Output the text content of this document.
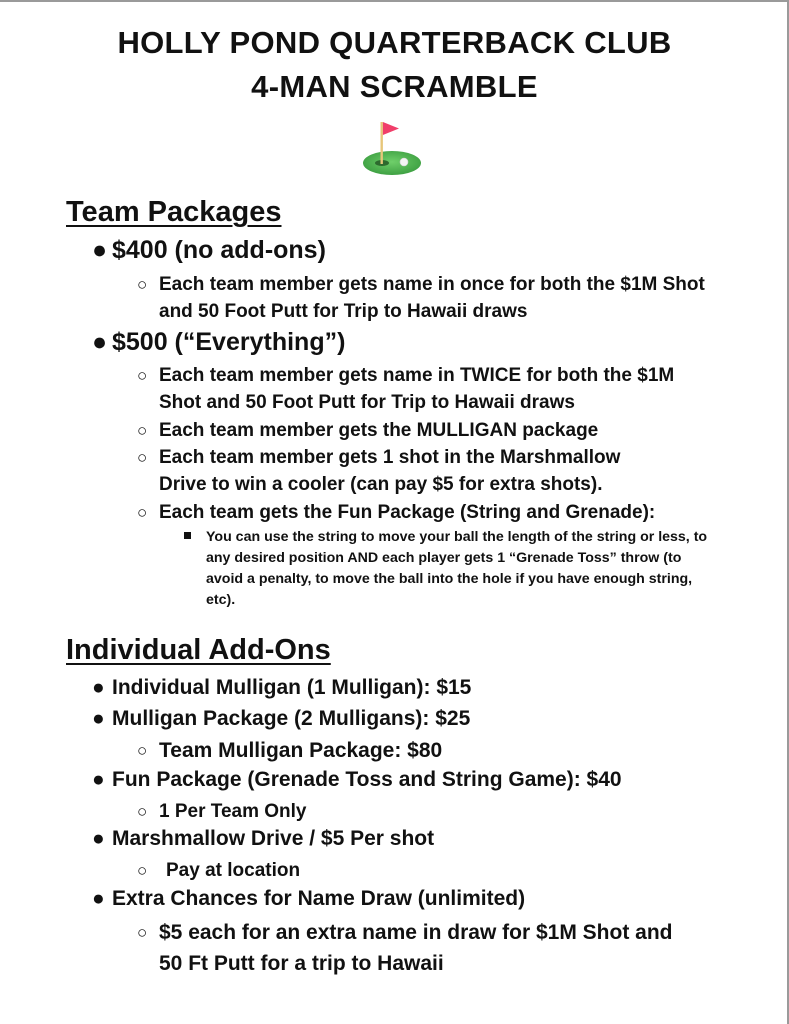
HOLLY POND QUARTERBACK CLUB
4-MAN SCRAMBLE
Team Packages
● $400 (no add-ons)
○ Each team member gets name in once for both the $1M Shot and 50 Foot Putt for Trip to Hawaii draws
● $500 (“Everything”)
○ Each team member gets name in TWICE for both the $1M Shot and 50 Foot Putt for Trip to Hawaii draws
○ Each team member gets the MULLIGAN package
○ Each team member gets 1 shot in the Marshmallow Drive to win a cooler (can pay $5 for extra shots).
○ Each team gets the Fun Package (String and Grenade):
You can use the string to move your ball the length of the string or less, to any desired position AND each player gets 1 “Grenade Toss” throw (to avoid a penalty, to move the ball into the hole if you have enough string, etc).
Individual Add-Ons
● Individual Mulligan (1 Mulligan): $15
● Mulligan Package (2 Mulligans): $25
○ Team Mulligan Package: $80
● Fun Package (Grenade Toss and String Game): $40
○ 1 Per Team Only
● Marshmallow Drive / $5 Per shot
○ Pay at location
● Extra Chances for Name Draw (unlimited)
○ $5 each for an extra name in draw for $1M Shot and 50 Ft Putt for a trip to Hawaii
